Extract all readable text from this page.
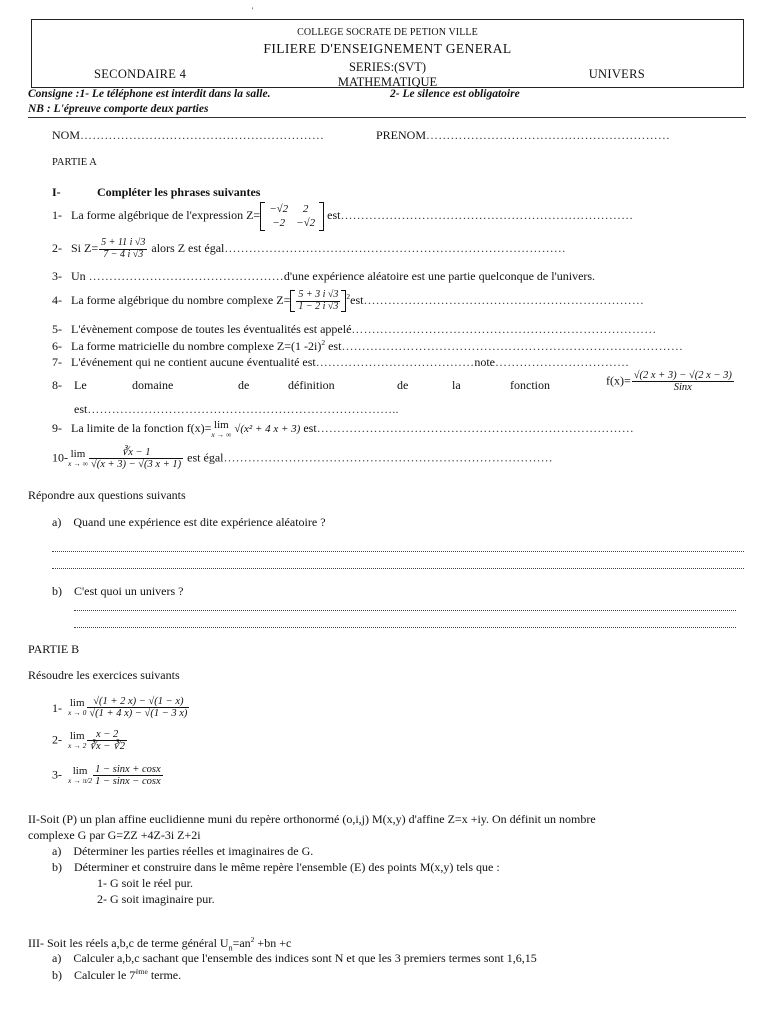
'
COLLEGE SOCRATE DE PETION VILLE
FILIERE D'ENSEIGNEMENT GENERAL
SERIES:(SVT)
MATHEMATIQUE
SECONDAIRE 4	UNIVERS
Consigne :1- Le téléphone est interdit dans la salle.	2- Le silence est obligatoire
NB : L'épreuve comporte deux parties
NOM……………………………………………………	PRENOM……………………………………………………
PARTIE A
I-	Compléter les phrases suivantes
1- La forme algébrique de l'expression Z= −√2	2
−2	−√2
est………………………………………………………………
2- Si $Z= \frac{5 + 11 i √3}{7 - 4 i √3}$ alors Z est égal…………………………………………………………………………
3- Un …………………………………………d'une expérience aléatoire est une partie quelconque de l'univers.
4- La forme algébrique du nombre complexe $Z= \frac{5 + 3 i √3}{1 - 2 i √3}$ $^2$est……………………………………………………………
5- L'évènement compose de toutes les éventualités est appelé…………………………………………………………………
6- La forme matricielle du nombre complexe Z=(1 -2i)$^2$ est…………………………………………………………………………
7- L'événement qui ne contient aucune éventualité est…………………………………note……………………………
8- Le	domaine	de	définition	de	la	fonction	$f(x)= \frac{√(2 x + 3) - √(2 x - 3)}{\text{Sinx}}$
est…………………………………………………………………..
9- La limite de la fonction f(x)= lim
x → ∞ √(x² + 4 x + 3) est……………………………………………………………………
10- lim
x → ∞ $\frac{∛x - 1}{√(x + 3) - √(3 x + 1)}$ est égal………………………………………………………………………
Répondre aux questions suivants
a) Quand une expérience est dite expérience aléatoire ?
b) C'est quoi un univers ?
PARTIE B
Résoudre les exercices suivants
1- lim
$x \to 0 \frac{√(1 + 2 x) - √(1 - x)}{√(1 + 4 x) - √(1 - 3 x)}$
2- lim
$x \to 2 \frac{x - 2}{∛x - ∛2}$
3- lim
$x \to \pi/2 \frac{1 - \sin x + \cos x}{1 - \sin x - \cos x}$
II-Soit (P) un plan affine euclidienne muni du repère orthonormé (o,i,j) M(x,y) d'affine Z=x +iy. On définit un nombre
complexe G par G=ZZ +4Z-3i Z+2i
a) Déterminer les parties réelles et imaginaires de G.
b) Déterminer et construire dans le même repère l'ensemble (E) des points M(x,y) tels que :
1- G soit le réel pur.
2- G soit imaginaire pur.
III- Soit les réels a,b,c de terme général $U_n=an^2 +bn +c$
a) Calculer a,b,c sachant que l'ensemble des indices sont N et que les 3 premiers termes sont 1,6,15
b) Calculer le 7ème terme.
